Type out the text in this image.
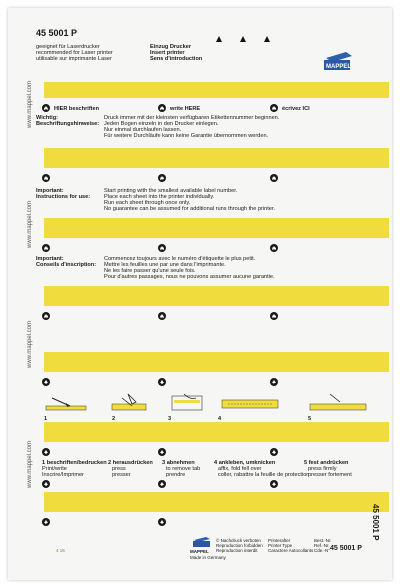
www.mappel.com
www.mappel.com
www.mappel.com
www.mappel.com
45 5001 P
geeignet für Laserdrucker
recommended for Laser printer
utilisable sur imprimante Laser
Einzug Drucker
Insert printer
Sens d'introduction
MAPPEL
21	20	19
HIER beschriften	write HERE	écrivez ICI
Wichtig:
Beschriftungshinweise:
Druck immer mit der kleinsten verfügbaren Etikettennummer beginnen.
Jeden Bogen einzeln in den Drucker einlegen.
Nur einmal durchlaufen lassen.
Für weitere Durchläufe kann keine Garantie übernommen werden.
18	17	16
Important:
Instructions for use:
Start printing with the smallest available label number.
Place each sheet into the printer individually.
Run each sheet through once only.
No guarantee can be assumed for additional runs through the printer.
15	14	13
Important:
Conseils d'inscription:
Commencez toujours avec le numéro d'étiquette le plus petit.
Mettre les feuilles une par une dans l'imprimante.
Ne les faire passer qu'une seule fois.
Pour d'autres passages, nous ne pouvons assumer aucune garantie.
12	11	10
9	8	7
1	2	3	4	5
6	5	4
1 beschriften/bedrucken
Print/write
Inscrire/Imprimer
2 herausdrücken
press
presser
3 abnehmen
to remove tab
prendre
4 ankleben, umknicken
affix, fold fell over
coller, rabattre la feuille de protection
5 fest andrücken
press firmly
presser fortement
3	2	1
2	1	45 5001 P
4 15	MAPPEL
Made in Germany
© Nachdruck verboten
Reproduction forbidden
Reproduction interdit
Printerafter
Printer Type
Caractere Autocollants
Best.-Nr.
Ref.-Nr.
Cde.-N° 45 5001 P
